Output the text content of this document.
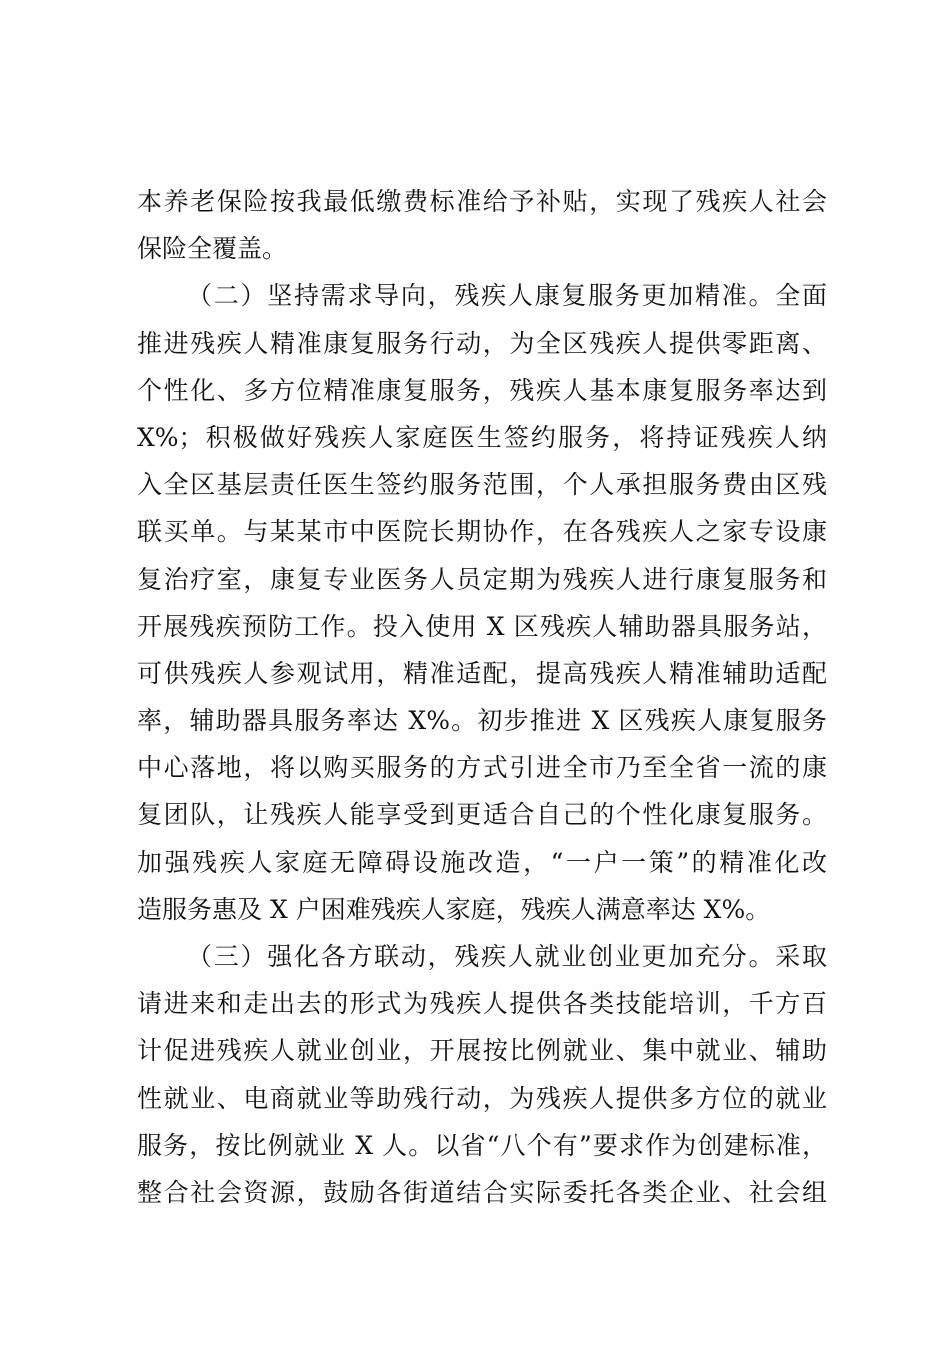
本养老保险按我最低缴费标准给予补贴，实现了残疾人社会
保险全覆盖。
（二）坚持需求导向，残疾人康复服务更加精准。全面
推进残疾人精准康复服务行动，为全区残疾人提供零距离、
个性化、多方位精准康复服务，残疾人基本康复服务率达到
X%；积极做好残疾人家庭医生签约服务，将持证残疾人纳
入全区基层责任医生签约服务范围，个人承担服务费由区残
联买单。与某某市中医院长期协作，在各残疾人之家专设康
复治疗室，康复专业医务人员定期为残疾人进行康复服务和
开展残疾预防工作。投入使用 X 区残疾人辅助器具服务站，
可供残疾人参观试用，精准适配，提高残疾人精准辅助适配
率，辅助器具服务率达 X%。初步推进 X 区残疾人康复服务
中心落地，将以购买服务的方式引进全市乃至全省一流的康
复团队，让残疾人能享受到更适合自己的个性化康复服务。
加强残疾人家庭无障碍设施改造，“一户一策”的精准化改
造服务惠及 X 户困难残疾人家庭，残疾人满意率达 X%。
（三）强化各方联动，残疾人就业创业更加充分。采取
请进来和走出去的形式为残疾人提供各类技能培训，千方百
计促进残疾人就业创业，开展按比例就业、集中就业、辅助
性就业、电商就业等助残行动，为残疾人提供多方位的就业
服务，按比例就业 X 人。以省“八个有”要求作为创建标准，
整合社会资源，鼓励各街道结合实际委托各类企业、社会组
